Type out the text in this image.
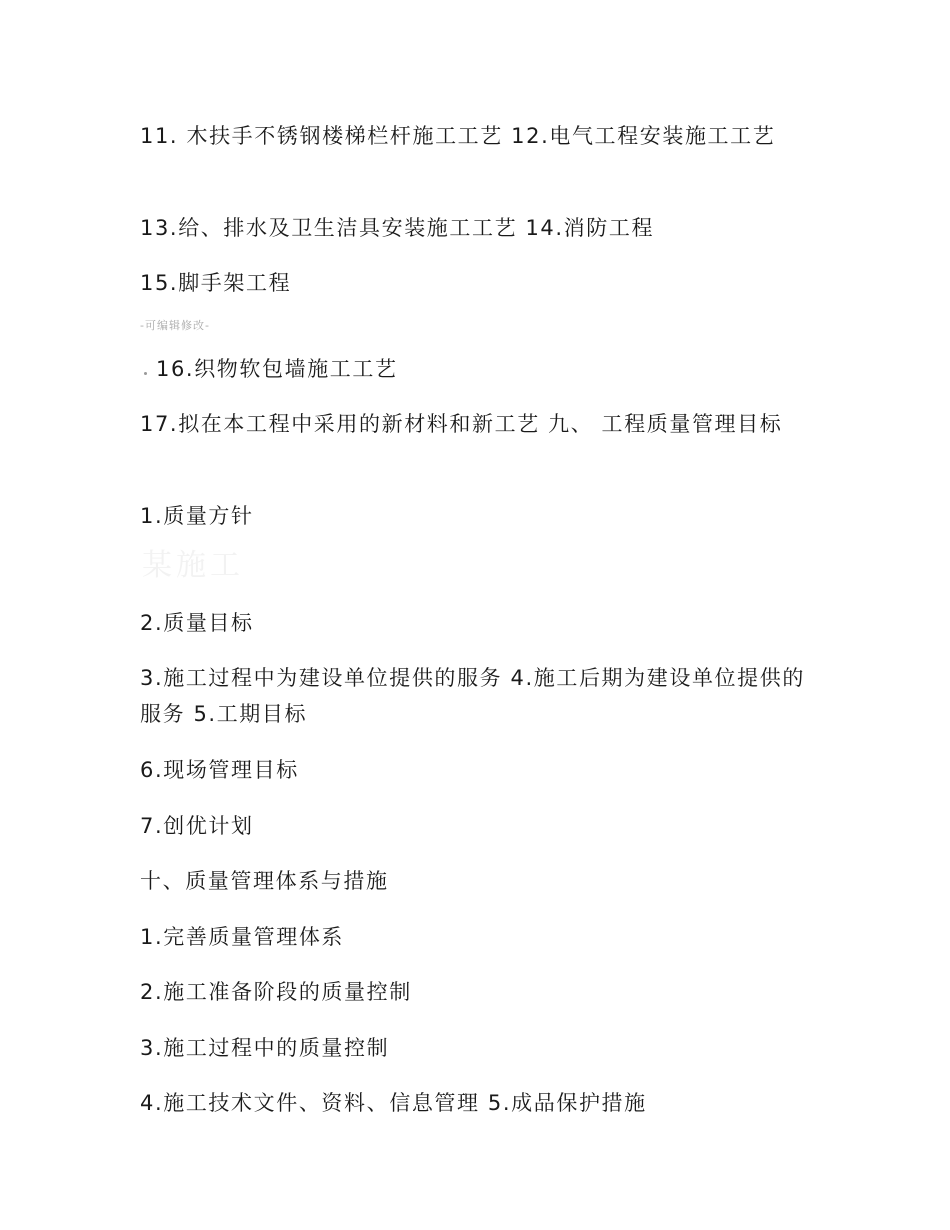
11. 木扶手不锈钢楼梯栏杆施工工艺 12.电气工程安装施工工艺
13.给、排水及卫生洁具安装施工工艺 14.消防工程
15.脚手架工程
-可编辑修改-
16.织物软包墙施工工艺
17.拟在本工程中采用的新材料和新工艺 九、 工程质量管理目标
1.质量方针
某施工
2.质量目标
3.施工过程中为建设单位提供的服务 4.施工后期为建设单位提供的服务 5.工期目标
6.现场管理目标
7.创优计划
十、质量管理体系与措施
1.完善质量管理体系
2.施工准备阶段的质量控制
3.施工过程中的质量控制
4.施工技术文件、资料、信息管理 5.成品保护措施
